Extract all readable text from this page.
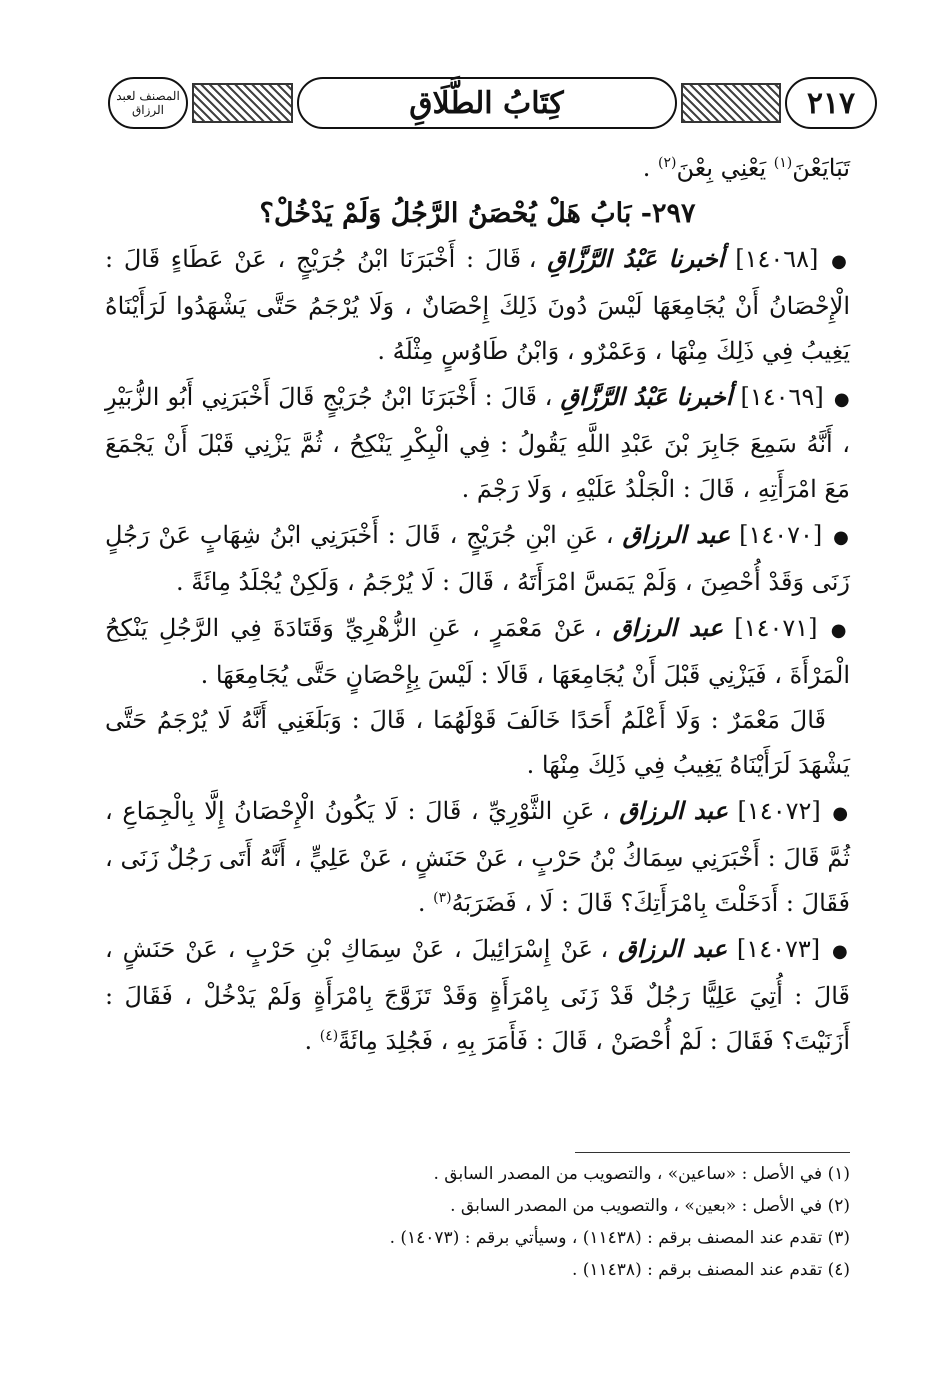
المصنف لعبد الرزاق	كِتَابُ الطَّلَاقِ	٢١٧

تَبَايَعْنَ$^{(١)}$ يَعْنِي بِعْنَ$^{(٢)}$ .

٢٩٧- بَابُ هَلْ يُحْصَنُ الرَّجُلُ وَلَمْ يَدْخُلْ؟

● [١٤٠٦٨] أخبرنا عَبْدُ الرَّزَّاقِ ، قَالَ : أَخْبَرَنَا ابْنُ جُرَيْجٍ ، عَنْ عَطَاءٍ قَالَ : الْإِحْصَانُ أَنْ يُجَامِعَهَا لَيْسَ دُونَ ذَلِكَ إِحْصَانٌ ، وَلَا يُرْجَمُ حَتَّى يَشْهَدُوا لَرَأَيْنَاهُ يَغِيبُ فِي ذَلِكَ مِنْهَا ، وَعَمْرٌو ، وَابْنُ طَاوُسٍ مِثْلَهُ .

● [١٤٠٦٩] أخبرنا عَبْدُ الرَّزَّاقِ ، قَالَ : أَخْبَرَنَا ابْنُ جُرَيْجٍ قَالَ أَخْبَرَنِي أَبُو الزُّبَيْرِ ، أَنَّهُ سَمِعَ جَابِرَ بْنَ عَبْدِ اللَّهِ يَقُولُ : فِي الْبِكْرِ يَنْكِحُ ، ثُمَّ يَزْنِي قَبْلَ أَنْ يَجْمَعَ مَعَ امْرَأَتِهِ ، قَالَ : الْجَلْدُ عَلَيْهِ ، وَلَا رَجْمَ .

● [١٤٠٧٠] عبد الرزاق ، عَنِ ابْنِ جُرَيْجٍ ، قَالَ : أَخْبَرَنِي ابْنُ شِهَابٍ عَنْ رَجُلٍ زَنَى وَقَدْ أُحْصِنَ ، وَلَمْ يَمَسَّ امْرَأَتَهُ ، قَالَ : لَا يُرْجَمُ ، وَلَكِنْ يُجْلَدُ مِائَةً .

● [١٤٠٧١] عبد الرزاق ، عَنْ مَعْمَرٍ ، عَنِ الزُّهْرِيِّ وَقَتَادَةَ فِي الرَّجُلِ يَنْكِحُ الْمَرْأَةَ ، فَيَزْنِي قَبْلَ أَنْ يُجَامِعَهَا ، قَالَا : لَيْسَ بِإِحْصَانٍ حَتَّى يُجَامِعَهَا .

قَالَ مَعْمَرٌ : وَلَا أَعْلَمُ أَحَدًا خَالَفَ قَوْلَهُمَا ، قَالَ : وَبَلَغَنِي أَنَّهُ لَا يُرْجَمُ حَتَّى يَشْهَدَ لَرَأَيْنَاهُ يَغِيبُ فِي ذَلِكَ مِنْهَا .

● [١٤٠٧٢] عبد الرزاق ، عَنِ الثَّوْرِيِّ ، قَالَ : لَا يَكُونُ الْإِحْصَانُ إِلَّا بِالْجِمَاعِ ، ثُمَّ قَالَ : أَخْبَرَنِي سِمَاكُ بْنُ حَرْبٍ ، عَنْ حَنَشٍ ، عَنْ عَلِيٍّ ، أَنَّهُ أَتَى رَجُلٌ زَنَى ، فَقَالَ : أَدَخَلْتَ بِامْرَأَتِكَ؟ قَالَ : لَا ، فَضَرَبَهُ$^{(٣)}$ .

● [١٤٠٧٣] عبد الرزاق ، عَنْ إِسْرَائِيلَ ، عَنْ سِمَاكِ بْنِ حَرْبٍ ، عَنْ حَنَشٍ ، قَالَ : أُتِيَ عَلِيًّا رَجُلٌ قَدْ زَنَى بِامْرَأَةٍ وَقَدْ تَزَوَّجَ بِامْرَأَةٍ وَلَمْ يَدْخُلْ ، فَقَالَ : أَزَنَيْتَ؟ فَقَالَ : لَمْ أُحْصَنْ ، قَالَ : فَأَمَرَ بِهِ ، فَجُلِدَ مِائَةً$^{(٤)}$ .

(١) في الأصل : «ساعين» ، والتصويب من المصدر السابق .
(٢) في الأصل : «بعين» ، والتصويب من المصدر السابق .
(٣) تقدم عند المصنف برقم : (١١٤٣٨) ، وسيأتي برقم : (١٤٠٧٣) .
(٤) تقدم عند المصنف برقم : (١١٤٣٨) .
